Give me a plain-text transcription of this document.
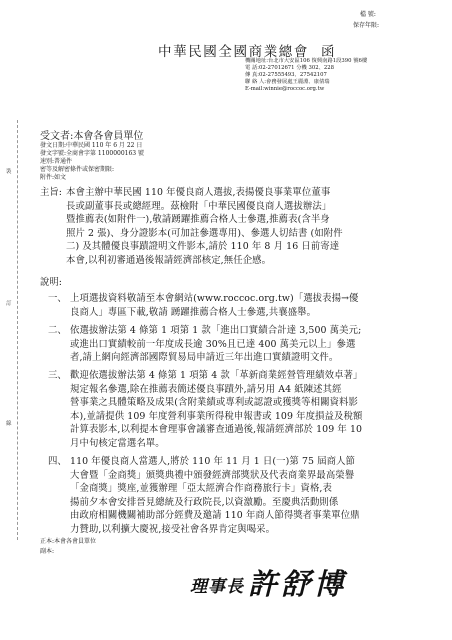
檔 號:
保存年限:
中華民國全國商業總會 函
機關地址:台北市大安區106 復興南路1段390 號6樓
電 話:02-27012671 分機 302、228
傳 真:02-27555493、27542107
聯 絡 人:會務發展處王麗淵、康倩瑞
E-mail:winnie@roccoc.org.tw
受文者:本會各會員單位
發文日期:中華民國 110 年 6 月 22 日
發文字號:全商會字第 1100000163 號
速別:普通件
密等及解密條件或保密期限:
附件:如文
裝
訂
線
主旨: 本會主辦中華民國 110 年優良商人選拔,表揚優良事業單位董事
長或副董事長或總經理。茲檢附「中華民國優良商人選拔辦法」
暨推薦表(如附件一),敬請踴躍推薦合格人士參選,推薦表(含半身
照片 2 張)、身分證影本(可加註參選專用)、參選人切結書 (如附件
二) 及其體優良事蹟證明文件影本,請於 110 年 8 月 16 日前寄達
本會,以利初審通過後報請經濟部核定,無任企感。
說明:
一、 上項選拔資料敬請至本會網站(www.roccoc.org.tw)「選拔表揚→優
良商人」專區下載,敬請 踴躍推薦合格人士參選,共襄盛舉。
二、 依選拔辦法第 4 條第 1 項第 1 款「進出口實績合計達 3,500 萬美元;
或進出口實績較前一年度成長逾 30%且已達 400 萬美元以上」參選
者,請上網向經濟部國際貿易局申請近三年出進口實績證明文件。
三、 歡迎依選拔辦法第 4 條第 1 項第 4 款「革新商業經營管理績效卓著」
規定報名參選,除在推薦表簡述優良事蹟外,請另用 A4 紙陳述其經
營事業之具體策略及成果(含附業績或專利或認證或獲獎等相關資料影
本),並請提供 109 年度營利事業所得稅申報書或 109 年度損益及稅額
計算表影本,以利提本會理事會議審查通過後,報請經濟部於 109 年 10
月中旬核定當選名單。
四、 110 年優良商人當選人,將於 110 年 11 月 1 日(一)第 75 屆商人節
大會暨「金商獎」頒獎典禮中頒發經濟部獎狀及代表商業界最高榮譽
「金商獎」獎座,並獲辦理「亞太經濟合作商務旅行卡」資格,表
揚前夕本會安排晉見總統及行政院長,以資激勵。至慶典活動則係
由政府相關機關補助部分經費及邀請 110 年商人節得獎者事業單位鼎
力贊助,以利擴大慶祝,接受社會各界肯定與喝采。
正本:本會各會員單位
副本:
理事長 許舒博
